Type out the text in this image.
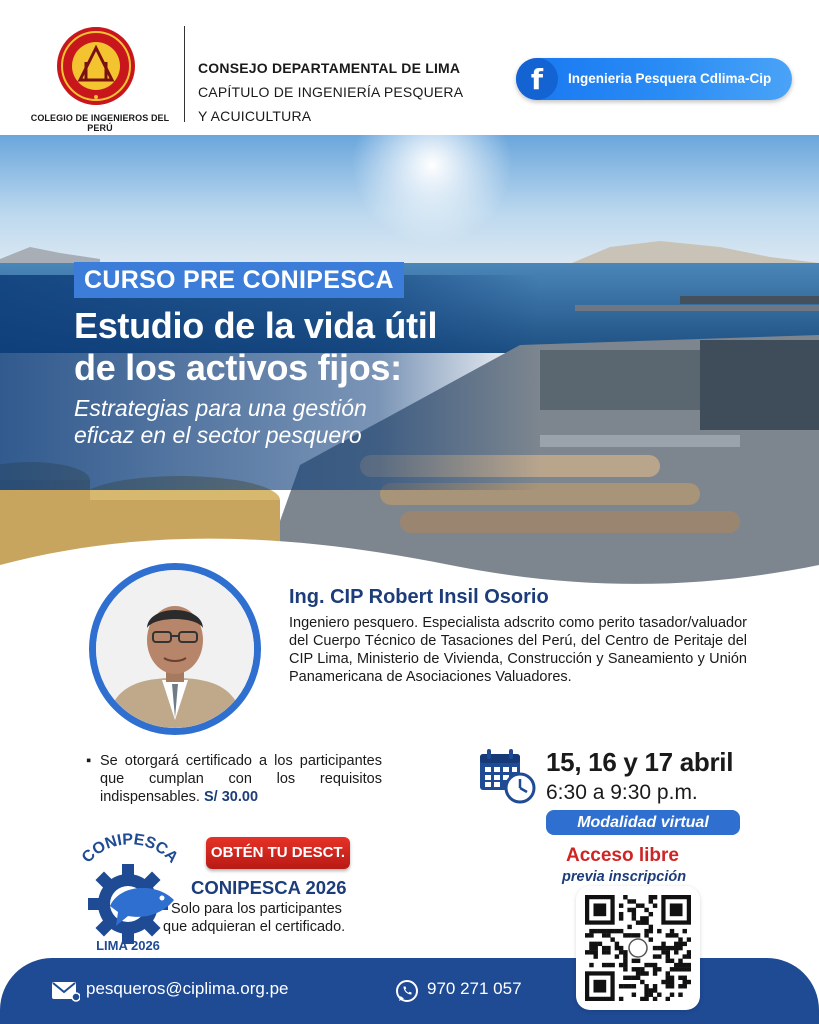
COLEGIO DE INGENIEROS DEL PERÚ
CONSEJO DEPARTAMENTAL DE LIMA
CAPÍTULO DE INGENIERÍA PESQUERA
Y ACUICULTURA
f	Ingenieria Pesquera Cdlima-Cip
CURSO PRE CONIPESCA
Estudio de la vida útil
de los activos fijos:
Estrategias para una gestión
eficaz en el sector pesquero
Ing. CIP Robert Insil Osorio
Ingeniero pesquero. Especialista adscrito como perito tasador/valuador del Cuerpo Técnico de Tasaciones del Perú, del Centro de Peritaje del CIP Lima, Ministerio de Vivienda, Construcción y Saneamiento y Unión Panamericana de Asociaciones Valuadores.
▪ Se otorgará certificado a los participantes que cumplan con los requisitos indispensables. S/ 30.00
15, 16 y 17 abril
6:30 a 9:30 p.m.
Modalidad virtual
CONIPESCA
LIMA 2026
OBTÉN TU DESCT.
CONIPESCA 2026
Solo para los participantes
que adquieran el certificado.
Acceso libre
previa inscripción
pesqueros@ciplima.org.pe	970 271 057
